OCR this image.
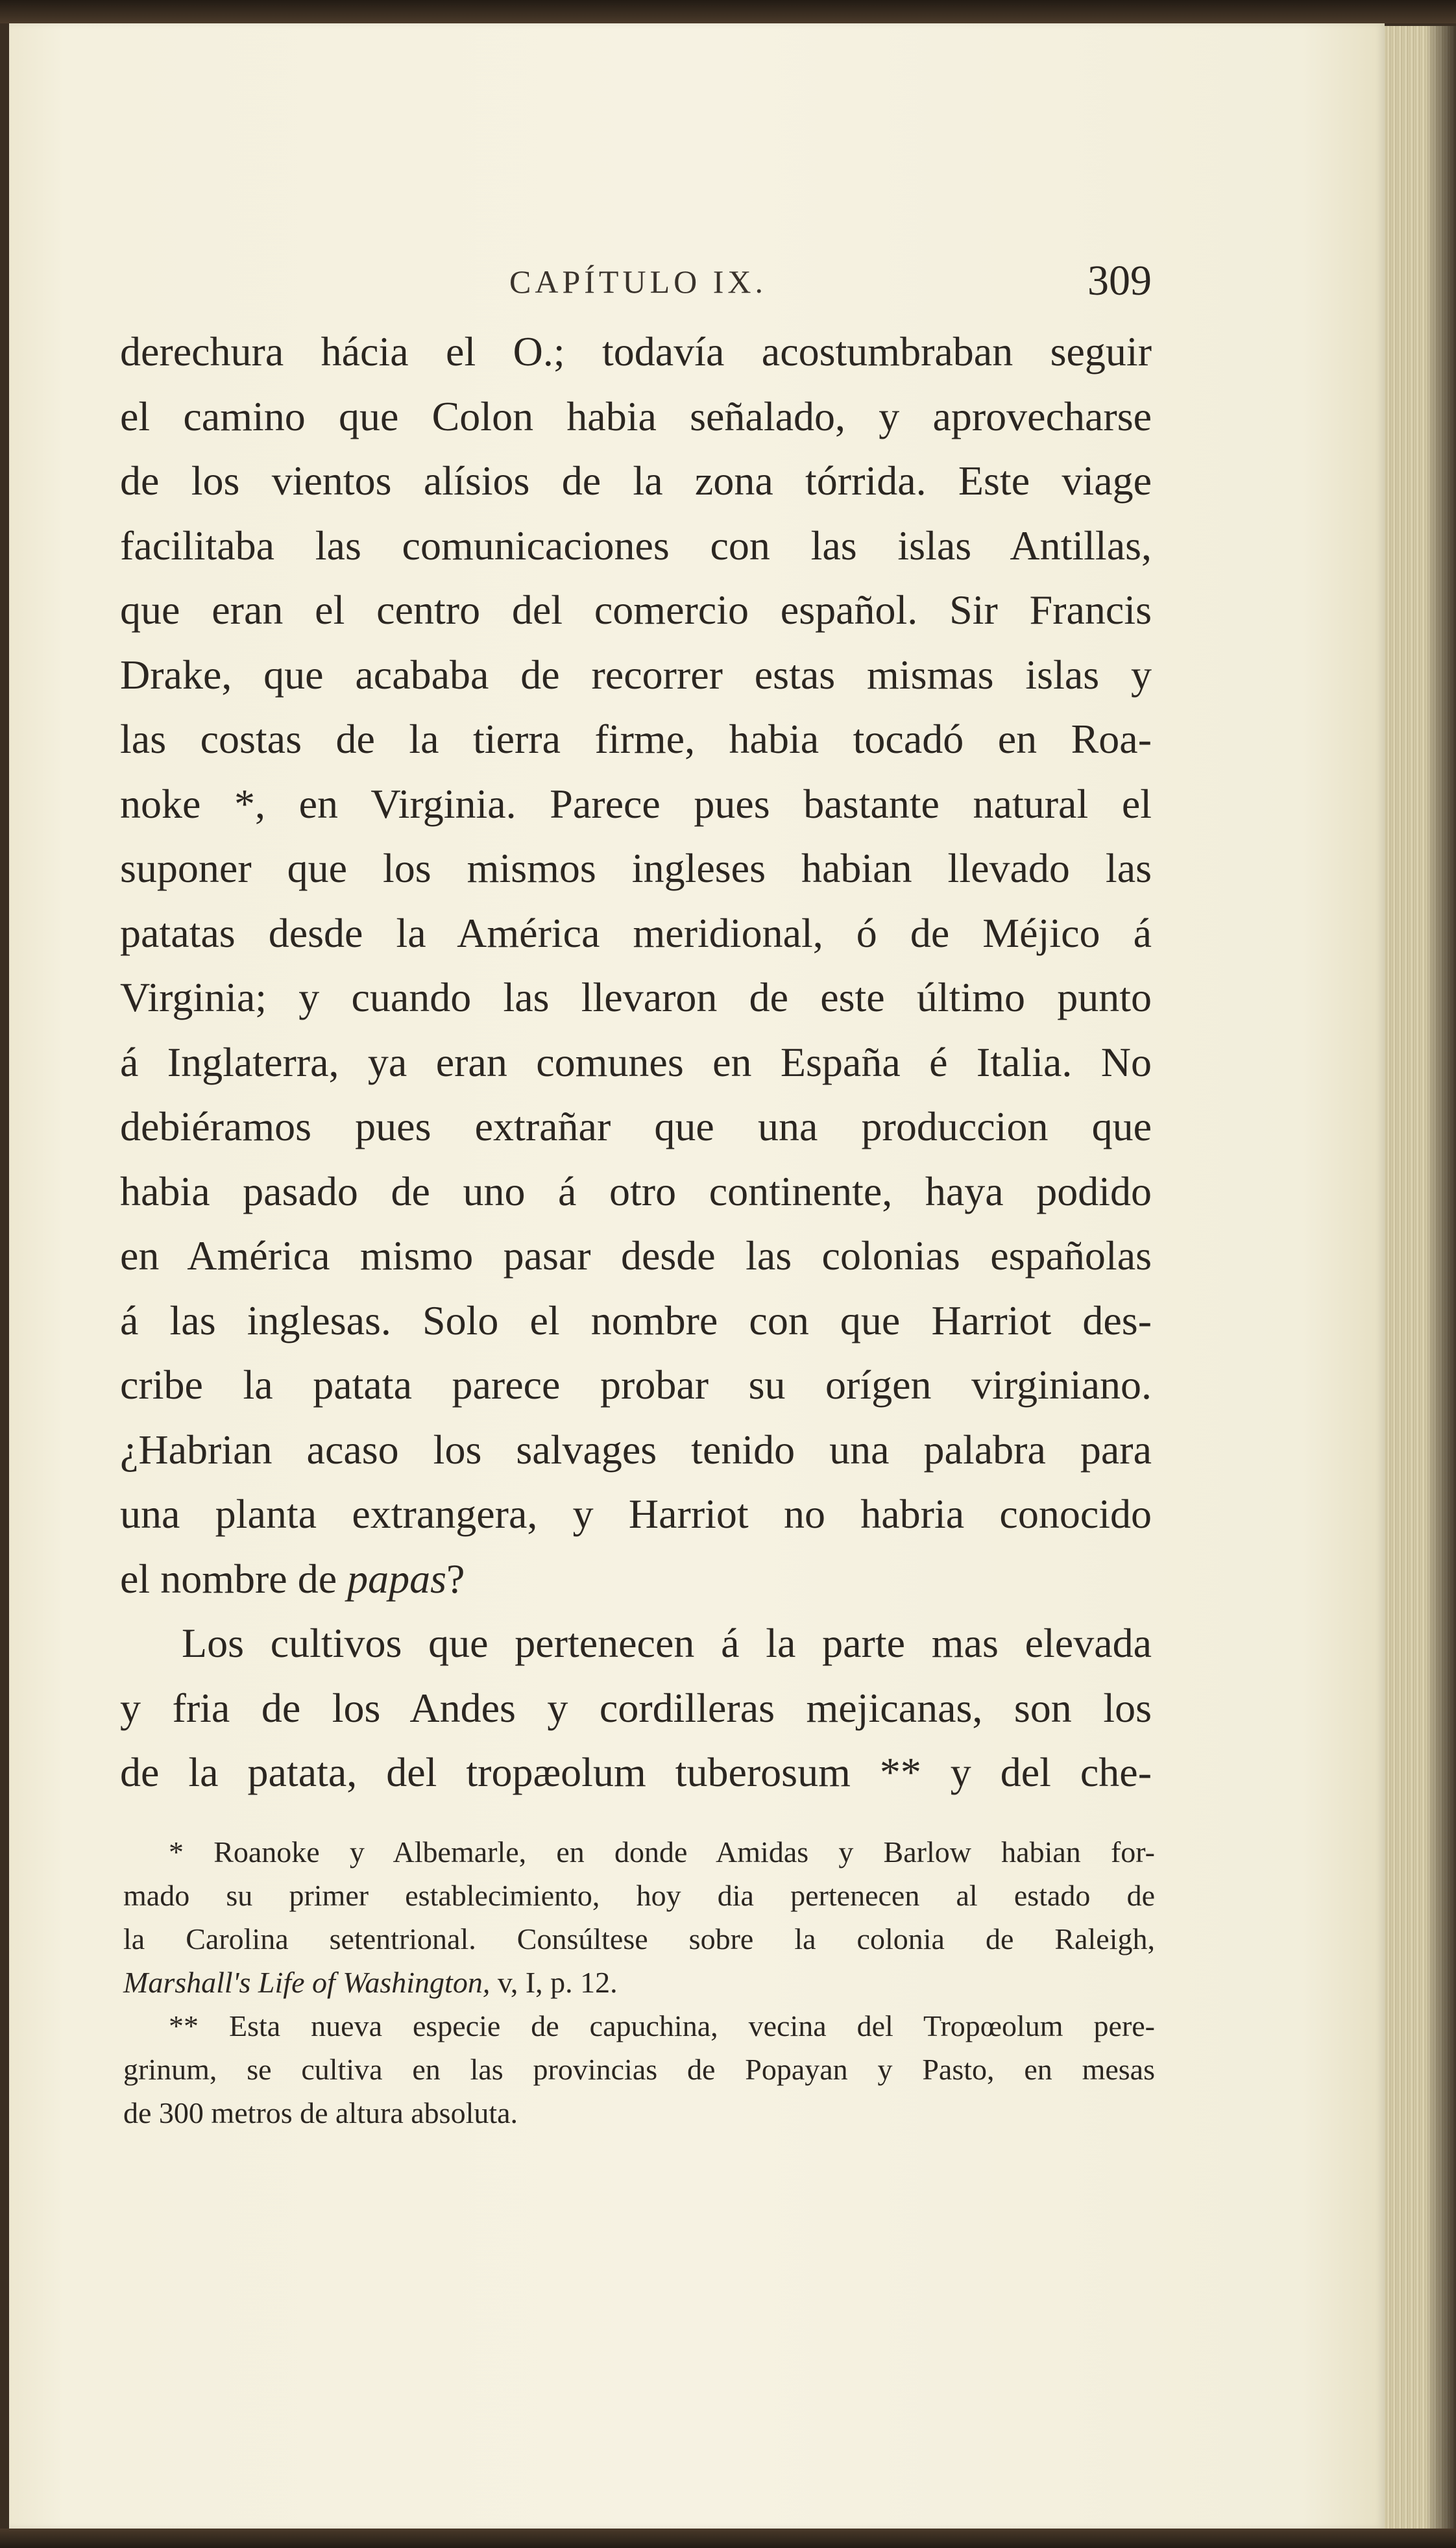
CAPÍTULO IX.	309
derechura hácia el O.; todavía acostumbraban seguir
el camino que Colon habia señalado, y aprovecharse
de los vientos alísios de la zona tórrida. Este viage
facilitaba las comunicaciones con las islas Antillas,
que eran el centro del comercio español. Sir Francis
Drake, que acababa de recorrer estas mismas islas y
las costas de la tierra firme, habia tocadó en Roa-
noke *, en Virginia. Parece pues bastante natural el
suponer que los mismos ingleses habian llevado las
patatas desde la América meridional, ó de Méjico á
Virginia; y cuando las llevaron de este último punto
á Inglaterra, ya eran comunes en España é Italia. No
debiéramos pues extrañar que una produccion que
habia pasado de uno á otro continente, haya podido
en América mismo pasar desde las colonias españolas
á las inglesas. Solo el nombre con que Harriot des-
cribe la patata parece probar su orígen virginiano.
¿Habrian acaso los salvages tenido una palabra para
una planta extrangera, y Harriot no habria conocido
el nombre de papas?
Los cultivos que pertenecen á la parte mas elevada
y fria de los Andes y cordilleras mejicanas, son los
de la patata, del tropæolum tuberosum ** y del che-
* Roanoke y Albemarle, en donde Amidas y Barlow habian for-
mado su primer establecimiento, hoy dia pertenecen al estado de
la Carolina setentrional. Consúltese sobre la colonia de Raleigh,
Marshall's Life of Washington, v, I, p. 12.
** Esta nueva especie de capuchina, vecina del Tropœolum pere-
grinum, se cultiva en las provincias de Popayan y Pasto, en mesas
de 300 metros de altura absoluta.
